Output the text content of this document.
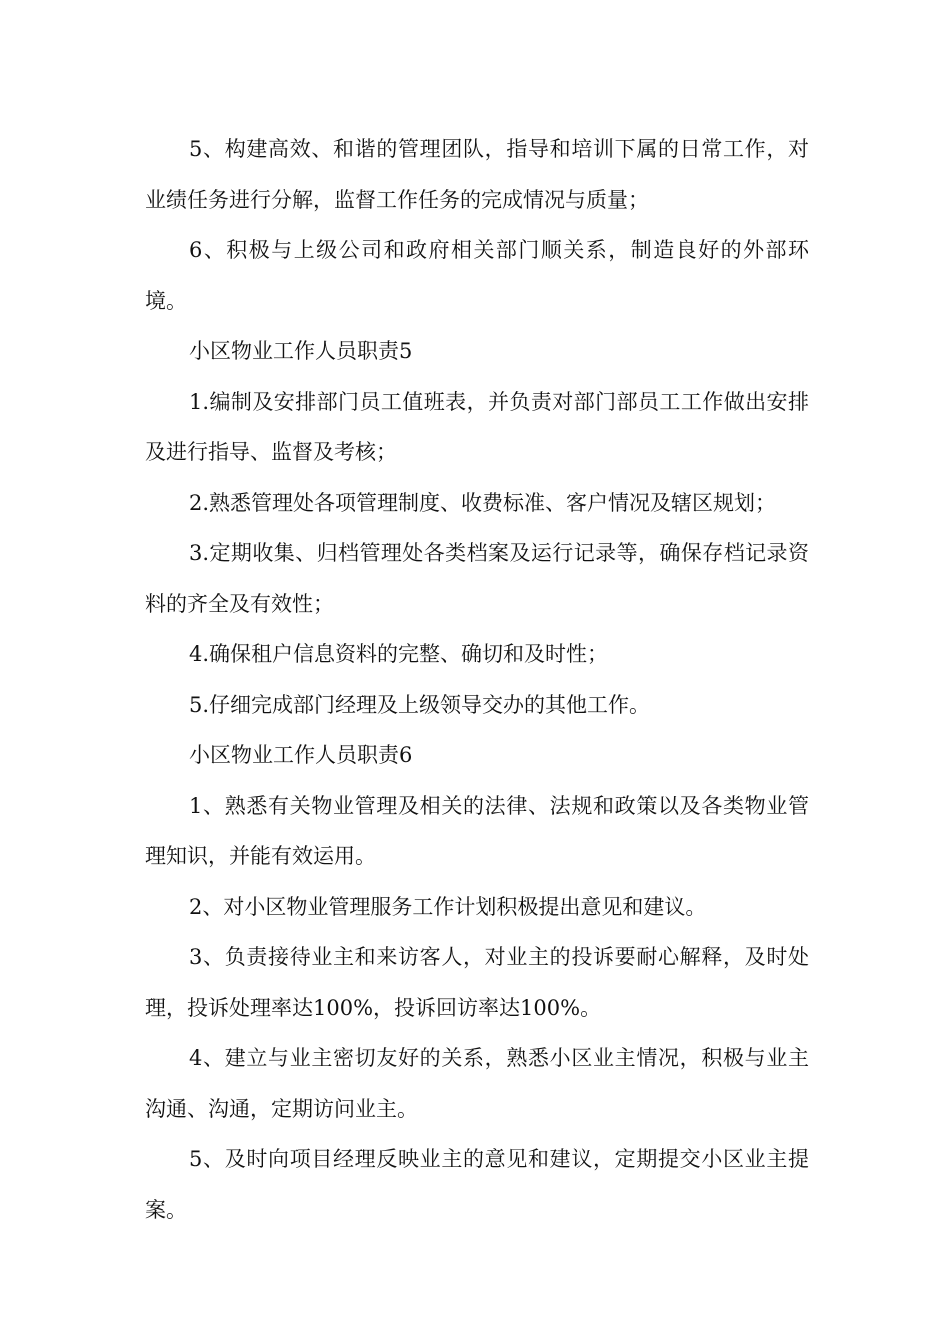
5、构建高效、和谐的管理团队，指导和培训下属的日常工作，对业绩任务进行分解，监督工作任务的完成情况与质量；

6、积极与上级公司和政府相关部门顺关系，制造良好的外部环境。

小区物业工作人员职责5

1.编制及安排部门员工值班表，并负责对部门部员工工作做出安排及进行指导、监督及考核；

2.熟悉管理处各项管理制度、收费标准、客户情况及辖区规划；

3.定期收集、归档管理处各类档案及运行记录等，确保存档记录资料的齐全及有效性；

4.确保租户信息资料的完整、确切和及时性；

5.仔细完成部门经理及上级领导交办的其他工作。

小区物业工作人员职责6

1、熟悉有关物业管理及相关的法律、法规和政策以及各类物业管理知识，并能有效运用。

2、对小区物业管理服务工作计划积极提出意见和建议。

3、负责接待业主和来访客人，对业主的投诉要耐心解释，及时处理，投诉处理率达100%，投诉回访率达100%。

4、建立与业主密切友好的关系，熟悉小区业主情况，积极与业主沟通、沟通，定期访问业主。

5、及时向项目经理反映业主的意见和建议，定期提交小区业主提案。
